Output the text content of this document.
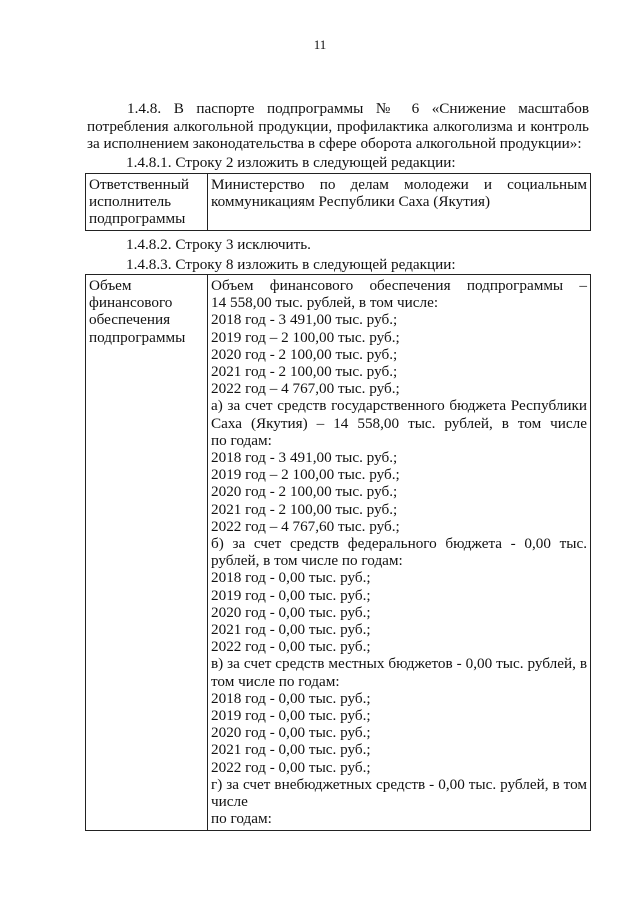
11
1.4.8. В паспорте подпрограммы № 6 «Снижение масштабов
потребления алкогольной продукции, профилактика алкоголизма и контроль
за исполнением законодательства в сфере оборота алкогольной продукции»:
1.4.8.1. Строку 2 изложить в следующей редакции:
Ответственный
исполнитель
подпрограммы

Министерство по делам молодежи и социальным
коммуникациям Республики Саха (Якутия)
1.4.8.2. Строку 3 исключить.
1.4.8.3. Строку 8 изложить в следующей редакции:
Объем
финансового
обеспечения
подпрограммы

Объем финансового обеспечения подпрограммы –
14 558,00 тыс. рублей, в том числе:
2018 год - 3 491,00 тыс. руб.;
2019 год – 2 100,00 тыс. руб.;
2020 год - 2 100,00 тыс. руб.;
2021 год - 2 100,00 тыс. руб.;
2022 год – 4 767,00 тыс. руб.;
а) за счет средств государственного бюджета Республики
Саха (Якутия) – 14 558,00 тыс. рублей, в том числе
по годам:
2018 год - 3 491,00 тыс. руб.;
2019 год – 2 100,00 тыс. руб.;
2020 год - 2 100,00 тыс. руб.;
2021 год - 2 100,00 тыс. руб.;
2022 год – 4 767,60 тыс. руб.;
б) за счет средств федерального бюджета - 0,00 тыс.
рублей, в том числе по годам:
2018 год - 0,00 тыс. руб.;
2019 год - 0,00 тыс. руб.;
2020 год - 0,00 тыс. руб.;
2021 год - 0,00 тыс. руб.;
2022 год - 0,00 тыс. руб.;
в) за счет средств местных бюджетов - 0,00 тыс. рублей, в
том числе по годам:
2018 год - 0,00 тыс. руб.;
2019 год - 0,00 тыс. руб.;
2020 год - 0,00 тыс. руб.;
2021 год - 0,00 тыс. руб.;
2022 год - 0,00 тыс. руб.;
г) за счет внебюджетных средств - 0,00 тыс. рублей, в том
числе
по годам:
